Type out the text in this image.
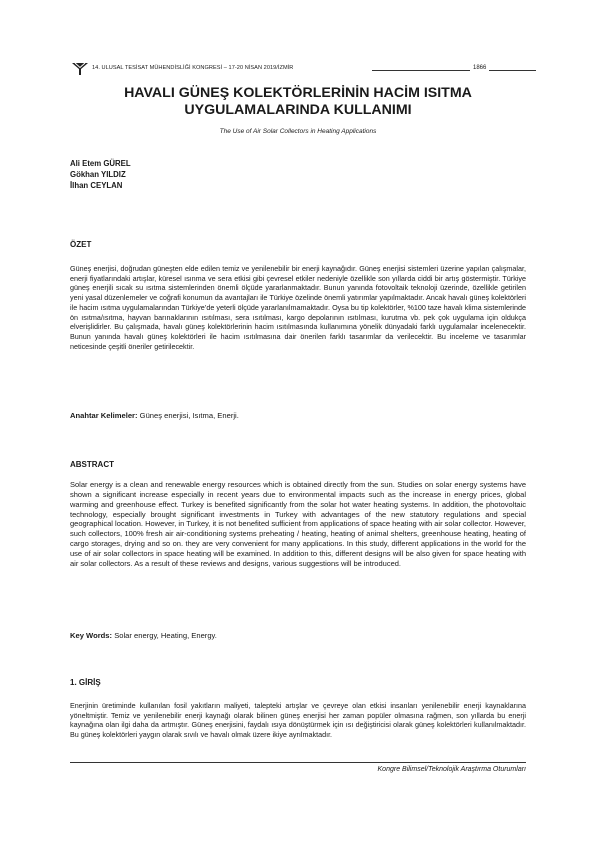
14. ULUSAL TESİSAT MÜHENDİSLİĞİ KONGRESİ – 17-20 NİSAN 2019/İZMİR	1866
HAVALI GÜNEŞ KOLEKTÖRLERİNİN HACİM ISITMA
UYGULAMALARINDA KULLANIMI
The Use of Air Solar Collectors in Heating Applications
Ali Etem GÜREL
Gökhan YILDIZ
İlhan CEYLAN
ÖZET
Güneş enerjisi, doğrudan güneşten elde edilen temiz ve yenilenebilir bir enerji kaynağıdır. Güneş enerjisi sistemleri üzerine yapılan çalışmalar, enerji fiyatlarındaki artışlar, küresel ısınma ve sera etkisi gibi çevresel etkiler nedeniyle özellikle son yıllarda ciddi bir artış göstermiştir. Türkiye güneş enerjili sıcak su ısıtma sistemlerinden önemli ölçüde yararlanmaktadır. Bunun yanında fotovoltaik teknoloji üzerinde, özellikle getirilen yeni yasal düzenlemeler ve coğrafi konumun da avantajları ile Türkiye özelinde önemli yatırımlar yapılmaktadır. Ancak havalı güneş kolektörleri ile hacim ısıtma uygulamalarından Türkiye’de yeterli ölçüde yararlanılmamaktadır. Oysa bu tip kolektörler, %100 taze havalı klima sistemlerinde ön ısıtma/ısıtma, hayvan barınaklarının ısıtılması, sera ısıtılması, kargo depolarının ısıtılması, kurutma vb. pek çok uygulama için oldukça elverişlidirler. Bu çalışmada, havalı güneş kolektörlerinin hacim ısıtılmasında kullanımına yönelik dünyadaki farklı uygulamalar incelenecektir. Bunun yanında havalı güneş kolektörleri ile hacim ısıtılmasına dair önerilen farklı tasarımlar da verilecektir. Bu inceleme ve tasarımlar neticesinde çeşitli öneriler getirilecektir.
Anahtar Kelimeler: Güneş enerjisi, Isıtma, Enerji.
ABSTRACT
Solar energy is a clean and renewable energy resources which is obtained directly from the sun. Studies on solar energy systems have shown a significant increase especially in recent years due to environmental impacts such as the increase in energy prices, global warming and greenhouse effect. Turkey is benefited significantly from the solar hot water heating systems. In addition, the photovoltaic technology, especially brought significant investments in Turkey with advantages of the new statutory regulations and special geographical location. However, in Turkey, it is not benefited sufficient from applications of space heating with air solar collector. However, such collectors, 100% fresh air air-conditioning systems preheating / heating, heating of animal shelters, greenhouse heating, heating of cargo storages, drying and so on. they are very convenient for many applications. In this study, different applications in the world for the use of air solar collectors in space heating will be examined. In addition to this, different designs will be also given for space heating with air solar collectors. As a result of these reviews and designs, various suggestions will be introduced.
Key Words: Solar energy, Heating, Energy.
1. GİRİŞ
Enerjinin üretiminde kullanılan fosil yakıtların maliyeti, talepteki artışlar ve çevreye olan etkisi insanları yenilenebilir enerji kaynaklarına yöneltmiştir. Temiz ve yenilenebilir enerji kaynağı olarak bilinen güneş enerjisi her zaman popüler olmasına rağmen, son yıllarda bu enerji kaynağına olan ilgi daha da artmıştır. Güneş enerjisini, faydalı ısıya dönüştürmek için ısı değiştiricisi olarak güneş kolektörleri kullanılmaktadır. Bu güneş kolektörleri yaygın olarak sıvılı ve havalı olmak üzere ikiye ayrılmaktadır.
Kongre Bilimsel/Teknolojik Araştırma Oturumları
